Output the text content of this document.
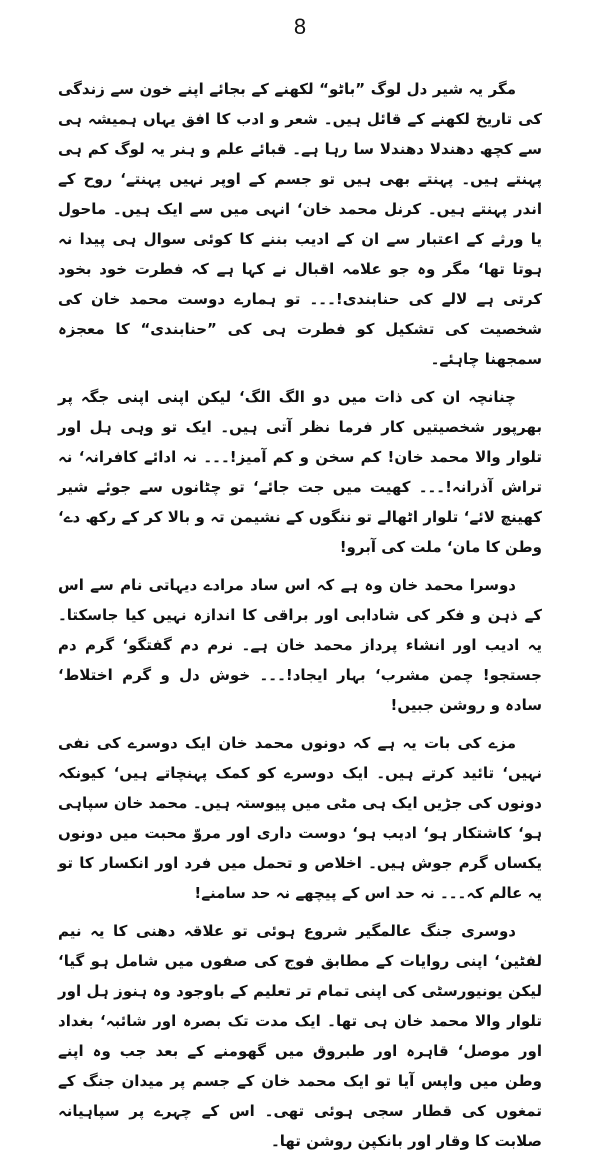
8

مگر یہ شیر دل لوگ ”باٹو“ لکھنے کے بجائے اپنے خون سے زندگی کی تاریخ لکھنے کے قائل ہیں۔ شعر و ادب کا افق یہاں ہمیشہ ہی سے کچھ دھندلا دھندلا سا رہا ہے۔ قبائے علم و ہنر یہ لوگ کم ہی پہنتے ہیں۔ پہنتے بھی ہیں تو جسم کے اوپر نہیں پہنتے‘ روح کے اندر پہنتے ہیں۔ کرنل محمد خان‘ انہی میں سے ایک ہیں۔ ماحول یا ورثے کے اعتبار سے ان کے ادیب بننے کا کوئی سوال ہی پیدا نہ ہوتا تھا‘ مگر وہ جو علامہ اقبال نے کہا ہے کہ فطرت خود بخود کرتی ہے لالے کی حنابندی!۔۔۔ تو ہمارے دوست محمد خان کی شخصیت کی تشکیل کو فطرت ہی کی ”حنابندی“ کا معجزہ سمجھنا چاہئے۔

چنانچہ ان کی ذات میں دو الگ الگ‘ لیکن اپنی اپنی جگہ پر بھرپور شخصیتیں کار فرما نظر آتی ہیں۔ ایک تو وہی ہل اور تلوار والا محمد خان! کم سخن و کم آمیز!۔۔۔ نہ ادائے کافرانہ‘ نہ تراش آذرانہ!۔۔۔ کھیت میں جت جائے‘ تو چٹانوں سے جوئے شیر کھینچ لائے‘ تلوار اٹھالے تو ننگوں کے نشیمن تہ و بالا کر کے رکھ دے‘ وطن کا مان‘ ملت کی آبرو!

دوسرا محمد خان وہ ہے کہ اس ساد مرادے دیہاتی نام سے اس کے ذہن و فکر کی شادابی اور براقی کا اندازہ نہیں کیا جاسکتا۔ یہ ادیب اور انشاء پرداز محمد خان ہے۔ نرم دم گفتگو‘ گرم دم جستجو! چمن مشرب‘ بہار ایجاد!۔۔۔ خوش دل و گرم اختلاط‘ سادہ و روشن جبیں!

مزے کی بات یہ ہے کہ دونوں محمد خان ایک دوسرے کی نفی نہیں‘ تائید کرتے ہیں۔ ایک دوسرے کو کمک پہنچاتے ہیں‘ کیونکہ دونوں کی جڑیں ایک ہی مٹی میں پیوستہ ہیں۔ محمد خان سپاہی ہو‘ کاشتکار ہو‘ ادیب ہو‘ دوست داری اور مروّ محبت میں دونوں یکساں گرم جوش ہیں۔ اخلاص و تحمل میں فرد اور انکسار کا تو یہ عالم کہ۔۔۔ نہ حد اس کے پیچھے نہ حد سامنے!

دوسری جنگ عالمگیر شروع ہوئی تو علاقہ دھنی کا یہ نیم لفٹین‘ اپنی روایات کے مطابق فوج کی صفوں میں شامل ہو گیا‘ لیکن یونیورسٹی کی اپنی تمام تر تعلیم کے باوجود وہ ہنوز ہل اور تلوار والا محمد خان ہی تھا۔ ایک مدت تک بصرہ اور شائبہ‘ بغداد اور موصل‘ قاہرہ اور طبروق میں گھومنے کے بعد جب وہ اپنے وطن میں واپس آیا تو ایک محمد خان کے جسم پر میدان جنگ کے تمغوں کی قطار سجی ہوئی تھی۔ اس کے چہرے پر سپاہیانہ صلابت کا وقار اور بانکپن روشن تھا۔
